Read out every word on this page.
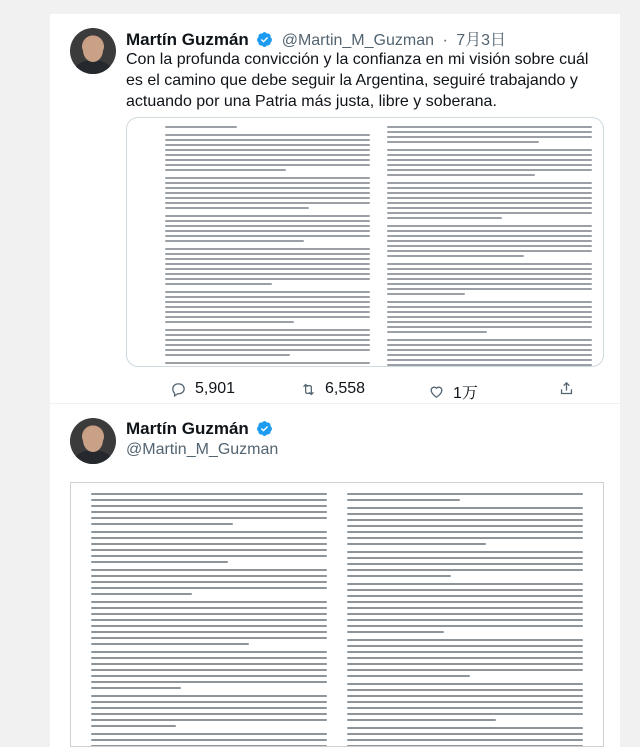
Martín Guzmán @Martin_M_Guzman · 7月3日
Con la profunda convicción y la confianza en mi visión sobre cuál es el camino que debe seguir la Argentina, seguiré trabajando y actuando por una Patria más justa, libre y soberana.
5,901	6,558	1万
Martín Guzmán
@Martin_M_Guzman
